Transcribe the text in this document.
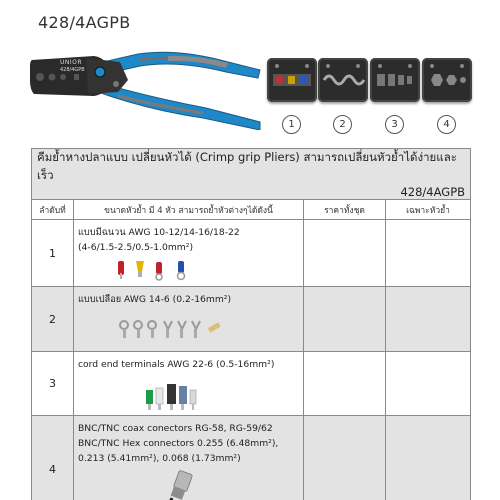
428/4AGPB
UNIOR
428/4GPB
1	2	3	4
คีมย้ำหางปลาแบบ เปลี่ยนหัวได้ (Crimp grip Pliers) สามารถเปลี่ยนหัวย้ำได้ง่ายและเร็ว
428/4AGPB			

ลำดับที่	ขนาดหัวย้ำ มี 4 หัว สามารถย้ำหัวต่างๆได้ดังนี้	ราคาทั้งชุด	เฉพาะหัวย้ำ
1	แบบมีฉนวน AWG 10-12/14-16/18-22
(4-6/1.5-2.5/0.5-1.0mm²)		

2	แบบเปลือย AWG 14-6 (0.2-16mm²)		

3	cord end terminals AWG 22-6 (0.5-16mm²)		

4	BNC/TNC coax conectors RG-58, RG-59/62
BNC/TNC Hex connectors 0.255 (6.48mm²),
0.213 (5.41mm²), 0.068 (1.73mm²)		
